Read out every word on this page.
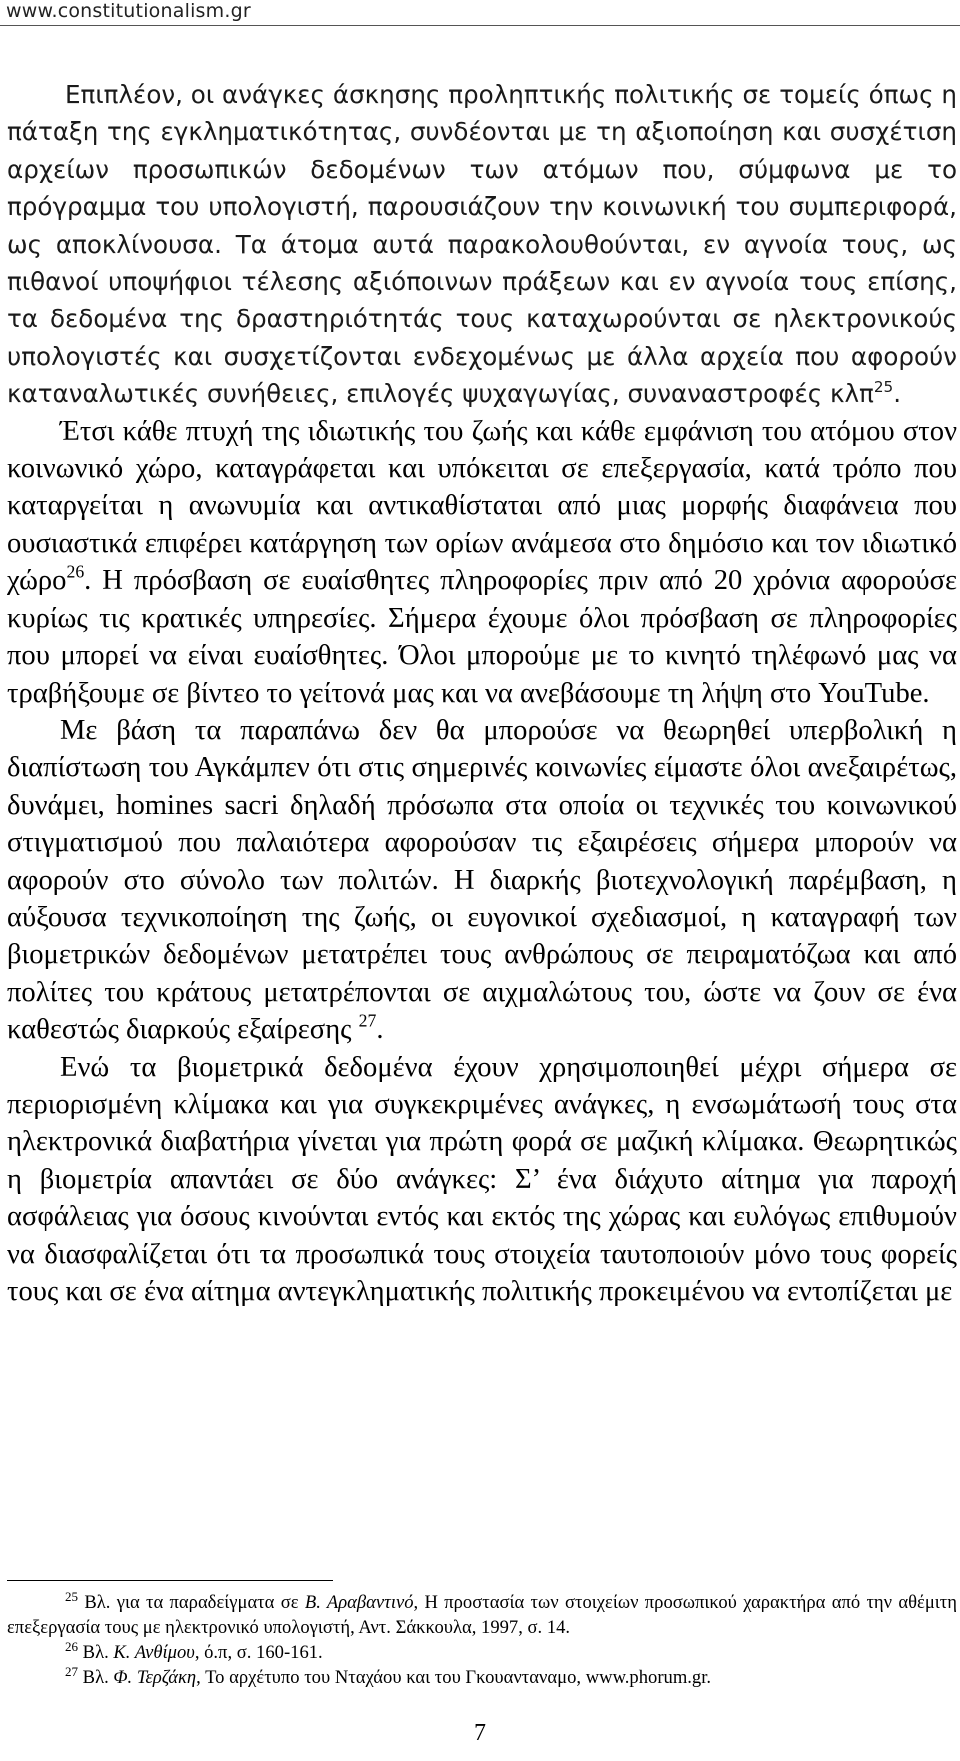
www.constitutionalism.gr

Επιπλέον, οι ανάγκες άσκησης προληπτικής πολιτικής σε τομείς όπως η πάταξη της εγκληματικότητας, συνδέονται με τη αξιοποίηση και συσχέτιση αρχείων προσωπικών δεδομένων των ατόμων που, σύμφωνα με το πρόγραμμα του υπολογιστή, παρουσιάζουν την κοινωνική του συμπεριφορά, ως αποκλίνουσα. Τα άτομα αυτά παρακολουθούνται, εν αγνοία τους, ως πιθανοί υποψήφιοι τέλεσης αξιόποινων πράξεων και εν αγνοία τους επίσης, τα δεδομένα της δραστηριότητάς τους καταχωρούνται σε ηλεκτρονικούς υπολογιστές και συσχετίζονται ενδεχομένως με άλλα αρχεία που αφορούν καταναλωτικές συνήθειες, επιλογές ψυχαγωγίας, συναναστροφές κλπ$^{25}$.

Έτσι κάθε πτυχή της ιδιωτικής του ζωής και κάθε εμφάνιση του ατόμου στον κοινωνικό χώρο, καταγράφεται και υπόκειται σε επεξεργασία, κατά τρόπο που καταργείται η ανωνυμία και αντικαθίσταται από μιας μορφής διαφάνεια που ουσιαστικά επιφέρει κατάργηση των ορίων ανάμεσα στο δημόσιο και τον ιδιωτικό χώρο$^{26}$. Η πρόσβαση σε ευαίσθητες πληροφορίες πριν από 20 χρόνια αφορούσε κυρίως τις κρατικές υπηρεσίες. Σήμερα έχουμε όλοι πρόσβαση σε πληροφορίες που μπορεί να είναι ευαίσθητες. Όλοι μπορούμε με το κινητό τηλέφωνό μας να τραβήξουμε σε βίντεο το γείτονά μας και να ανεβάσουμε τη λήψη στο YouTube.

Με βάση τα παραπάνω δεν θα μπορούσε να θεωρηθεί υπερβολική η διαπίστωση του Αγκάμπεν ότι στις σημερινές κοινωνίες είμαστε όλοι ανεξαιρέτως, δυνάμει, homines sacri δηλαδή πρόσωπα στα οποία οι τεχνικές του κοινωνικού στιγματισμού που παλαιότερα αφορούσαν τις εξαιρέσεις σήμερα μπορούν να αφορούν στο σύνολο των πολιτών. Η διαρκής βιοτεχνολογική παρέμβαση, η αύξουσα τεχνικοποίηση της ζωής, οι ευγονικοί σχεδιασμοί, η καταγραφή των βιομετρικών δεδομένων μετατρέπει τους ανθρώπους σε πειραματόζωα και από πολίτες του κράτους μετατρέπονται σε αιχμαλώτους του, ώστε να ζουν σε ένα καθεστώς διαρκούς εξαίρεσης $^{27}$.

Ενώ τα βιομετρικά δεδομένα έχουν χρησιμοποιηθεί μέχρι σήμερα σε περιορισμένη κλίμακα και για συγκεκριμένες ανάγκες, η ενσωμάτωσή τους στα ηλεκτρονικά διαβατήρια γίνεται για πρώτη φορά σε μαζική κλίμακα. Θεωρητικώς η βιομετρία απαντάει σε δύο ανάγκες: Σ’ ένα διάχυτο αίτημα για παροχή ασφάλειας για όσους κινούνται εντός και εκτός της χώρας και ευλόγως επιθυμούν να διασφαλίζεται ότι τα προσωπικά τους στοιχεία ταυτοποιούν μόνο τους φορείς τους και σε ένα αίτημα αντεγκληματικής πολιτικής προκειμένου να εντοπίζεται με

$^{25}$ Βλ. για τα παραδείγματα σε Β. Αραβαντινό, Η προστασία των στοιχείων προσωπικού χαρακτήρα από την αθέμιτη επεξεργασία τους με ηλεκτρονικό υπολογιστή, Αντ. Σάκκουλα, 1997, σ. 14.

$^{26}$ Βλ. Κ. Ανθίμου, ό.π, σ. 160-161.

$^{27}$ Βλ. Φ. Τερζάκη, Το αρχέτυπο του Νταχάου και του Γκουανταναμο, www.phorum.gr.

7
